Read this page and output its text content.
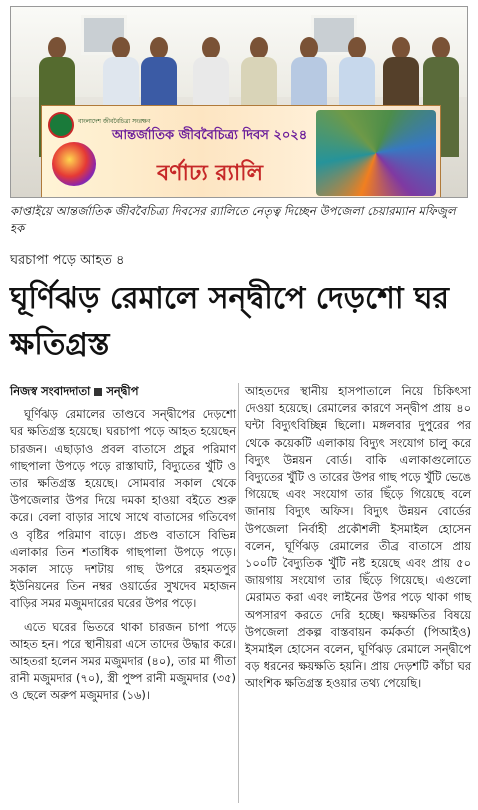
বাংলাদেশ জীববৈচিত্র্য সংরক্ষণ
আন্তর্জাতিক জীববৈচিত্র্য দিবস ২০২৪
বর্ণাঢ্য র‍্যালি
কাপ্তাইয়ে আন্তর্জাতিক জীববৈচিত্র্য দিবসের র‍্যালিতে নেতৃত্ব দিচ্ছেন উপজেলা চেয়ারম্যান মফিজুল হক
ঘরচাপা পড়ে আহত ৪
ঘূর্ণিঝড় রেমালে সন্দ্বীপে দেড়শো ঘর ক্ষতিগ্রস্ত
নিজস্ব সংবাদদাতা সন্দ্বীপ

ঘূর্ণিঝড় রেমালের তাণ্ডবে সন্দ্বীপের দেড়শো ঘর ক্ষতিগ্রস্ত হয়েছে। ঘরচাপা পড়ে আহত হয়েছেন চারজন। এছাড়াও প্রবল বাতাসে প্রচুর পরিমাণ গাছপালা উপড়ে পড়ে রাস্তাঘাট, বিদ্যুতের খুঁটি ও তার ক্ষতিগ্রস্ত হয়েছে। সোমবার সকাল থেকে উপজেলার উপর দিয়ে দমকা হাওয়া বইতে শুরু করে। বেলা বাড়ার সাথে সাথে বাতাসের গতিবেগ ও বৃষ্টির পরিমাণ বাড়ে। প্রচণ্ড বাতাসে বিভিন্ন এলাকার তিন শতাধিক গাছপালা উপড়ে পড়ে। সকাল সাড়ে দশটায় গাছ উপরে রহমতপুর ইউনিয়নের তিন নম্বর ওয়ার্ডের সুখদেব মহাজন বাড়ির সমর মজুমদারের ঘরের উপর পড়ে।

এতে ঘরের ভিতরে থাকা চারজন চাপা পড়ে আহত হন। পরে স্থানীয়রা এসে তাদের উদ্ধার করে। আহতরা হলেন সমর মজুমদার (৪০), তার মা গীতা রানী মজুমদার (৭০), স্ত্রী পুষ্প রানী মজুমদার (৩৫) ও ছেলে অরুপ মজুমদার (১৬)।

আহতদের স্থানীয় হাসপাতালে নিয়ে চিকিৎসা দেওয়া হয়েছে। রেমালের কারণে সন্দ্বীপ প্রায় ৪০ ঘন্টা বিদ্যুৎবিচ্ছিন্ন ছিলো। মঙ্গলবার দুপুরের পর থেকে কয়েকটি এলাকায় বিদ্যুৎ সংযোগ চালু করে বিদ্যুৎ উন্নয়ন বোর্ড। বাকি এলাকাগুলোতে বিদ্যুতের খুঁটি ও তারের উপর গাছ পড়ে খুঁটি ভেঙে গিয়েছে এবং সংযোগ তার ছিঁড়ে গিয়েছে বলে জানায় বিদ্যুৎ অফিস। বিদ্যুৎ উন্নয়ন বোর্ডের উপজেলা নির্বাহী প্রকৌশলী ইসমাইল হোসেন বলেন, ঘূর্ণিঝড় রেমালের তীব্র বাতাসে প্রায় ১০০টি বৈদ্যুতিক খুঁটি নষ্ট হয়েছে এবং প্রায় ৫০ জায়গায় সংযোগ তার ছিঁড়ে গিয়েছে। এগুলো মেরামত করা এবং লাইনের উপর পড়ে থাকা গাছ অপসারণ করতে দেরি হচ্ছে। ক্ষয়ক্ষতির বিষয়ে উপজেলা প্রকল্প বাস্তবায়ন কর্মকর্তা (পিআইও) ইসমাইল হোসেন বলেন, ঘূর্ণিঝড় রেমালে সন্দ্বীপে বড় ধরনের ক্ষয়ক্ষতি হয়নি। প্রায় দেড়শটি কাঁচা ঘর আংশিক ক্ষতিগ্রস্ত হওয়ার তথ্য পেয়েছি।
